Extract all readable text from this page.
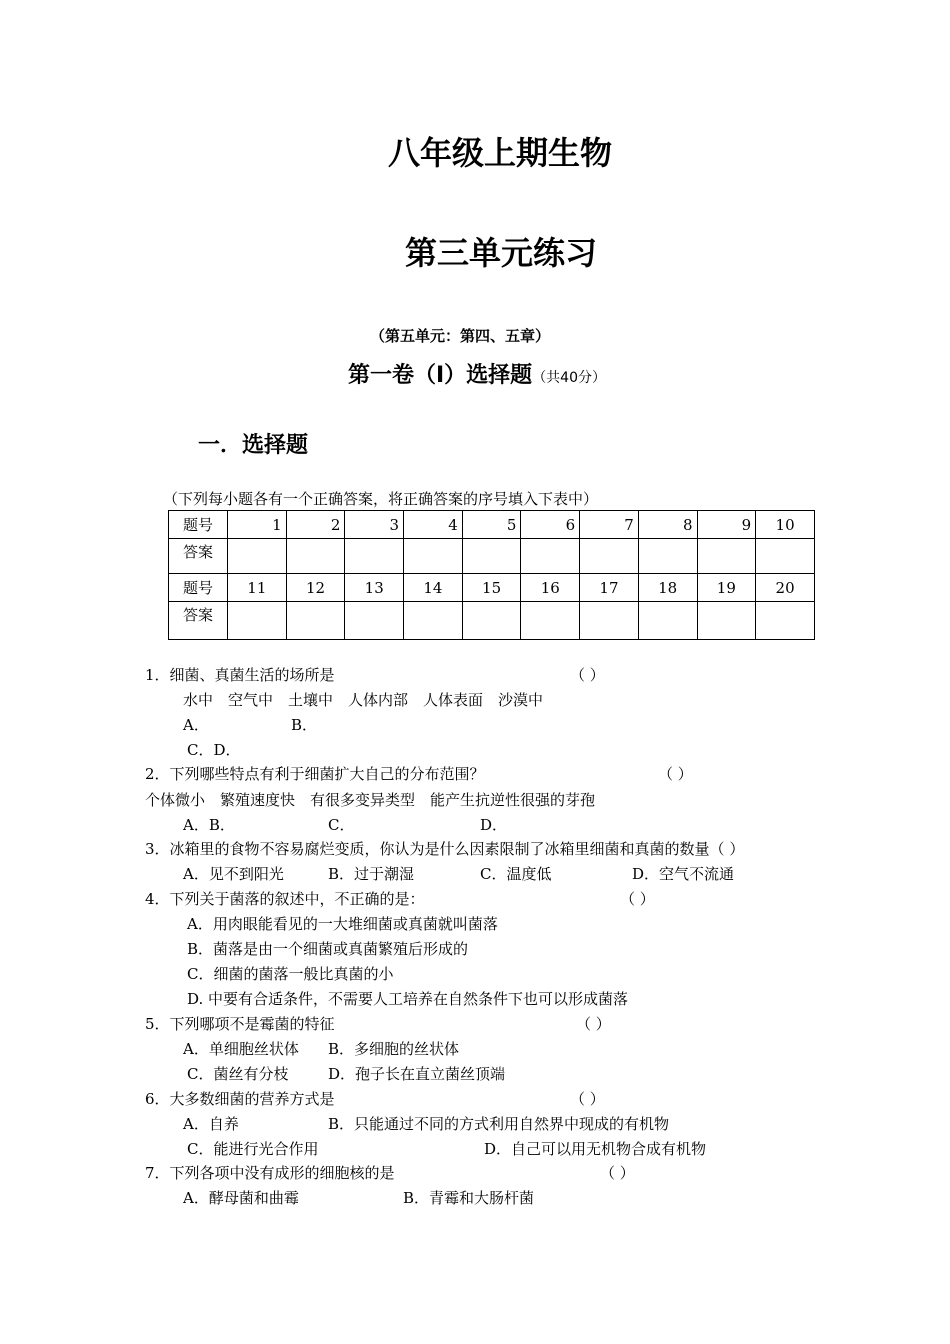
八年级上期生物
第三单元练习
（第五单元：第四、五章）
第一卷（I）选择题（共40分）
一．选择题
（下列每小题各有一个正确答案，将正确答案的序号填入下表中）
题号	1	2	3	4	5	6	7	8	9	10
答案										
题号	11	12	13	14	15	16	17	18	19	20
答案										
1．细菌、真菌生活的场所是	（ ）
水中　空气中　土壤中　人体内部　人体表面　沙漠中
A．	B．
C．D．
2．下列哪些特点有利于细菌扩大自己的分布范围？	（ ）
个体微小　繁殖速度快　有很多变异类型　能产生抗逆性很强的芽孢
A．B．	C．	D．
3．冰箱里的食物不容易腐烂变质，你认为是什么因素限制了冰箱里细菌和真菌的数量（ ）
A．见不到阳光	B．过于潮湿	C．温度低	D．空气不流通
4．下列关于菌落的叙述中，不正确的是：	（ ）
A．用肉眼能看见的一大堆细菌或真菌就叫菌落
B．菌落是由一个细菌或真菌繁殖后形成的
C．细菌的菌落一般比真菌的小
D. 中要有合适条件，不需要人工培养在自然条件下也可以形成菌落
5．下列哪项不是霉菌的特征	（ ）
A．单细胞丝状体 B．多细胞的丝状体
C．菌丝有分枝	D．孢子长在直立菌丝顶端
6．大多数细菌的营养方式是	（ ）
A．自养	B．只能通过不同的方式利用自然界中现成的有机物
C．能进行光合作用	D．自己可以用无机物合成有机物
7．下列各项中没有成形的细胞核的是	（ ）
A．酵母菌和曲霉	B．青霉和大肠杆菌
